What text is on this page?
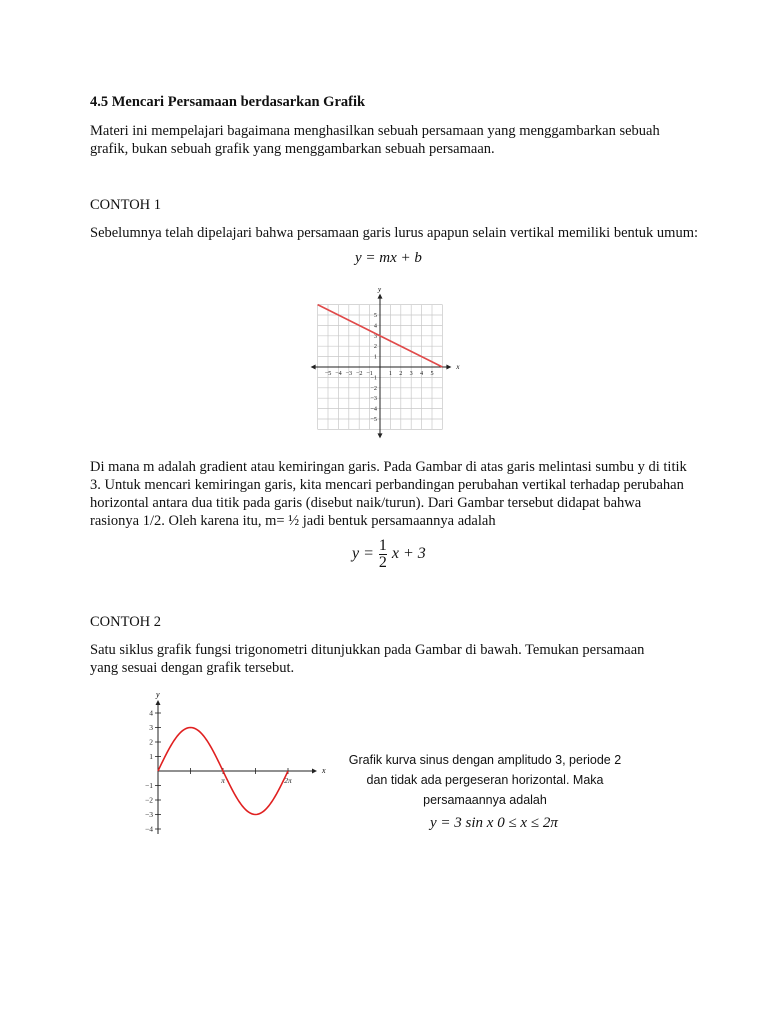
4.5 Mencari Persamaan berdasarkan Grafik

Materi ini mempelajari bagaimana menghasilkan sebuah persamaan yang menggambarkan sebuah grafik, bukan sebuah grafik yang menggambarkan sebuah persamaan.

CONTOH 1

Sebelumnya telah dipelajari bahwa persamaan garis lurus apapun selain vertikal memiliki bentuk umum:

y = mx + b
−5 −4 −3 −2 −1	1 2 3 4 5
5
4
3
2
1
−1
−2
−3
−4
−5
x
y

Di mana m adalah gradient atau kemiringan garis. Pada Gambar di atas garis melintasi sumbu y di titik 3. Untuk mencari kemiringan garis, kita mencari perbandingan perubahan vertikal terhadap perubahan horizontal antara dua titik pada garis (disebut naik/turun). Dari Gambar tersebut didapat bahwa rasionya 1/2. Oleh karena itu, m= ½ jadi bentuk persamaannya adalah

$y = \frac{1}{2}$ x + 3

CONTOH 2

Satu siklus grafik fungsi trigonometri ditunjukkan pada Gambar di bawah. Temukan persamaan yang sesuai dengan grafik tersebut.

4
3
2
1
−1
−2
−3
−4
π	2π
x
y
Grafik kurva sinus dengan amplitudo 3, periode 2 dan tidak ada pergeseran horizontal. Maka persamaannya adalah
y = 3 sin x 0 ≤ x ≤ 2π
